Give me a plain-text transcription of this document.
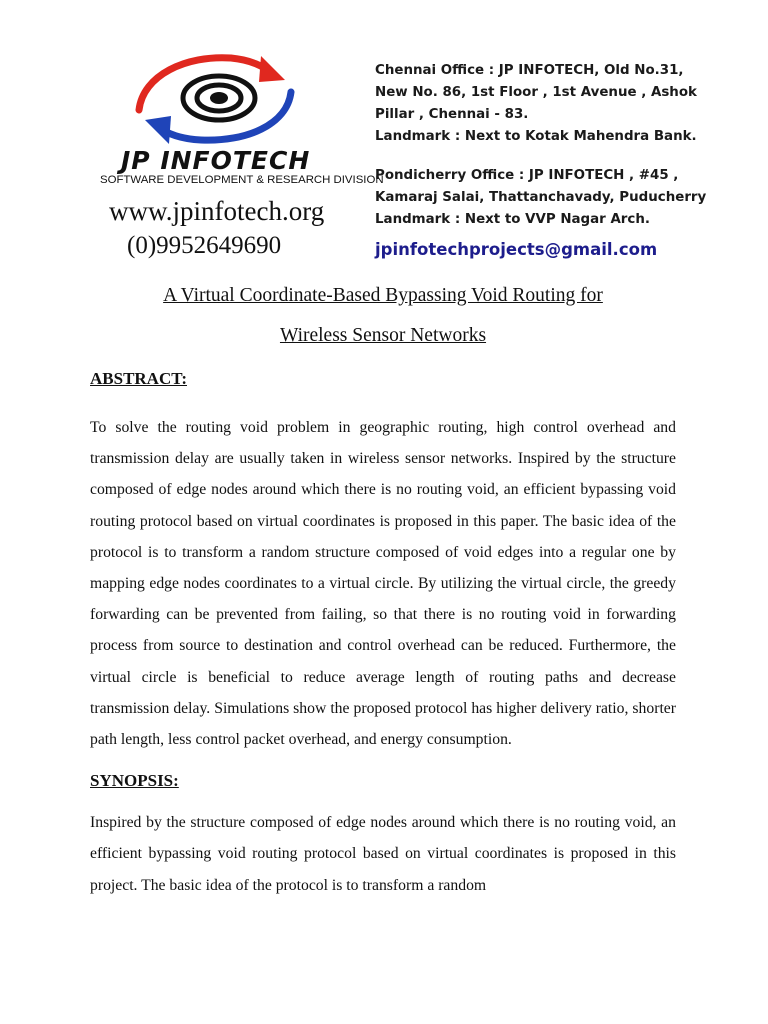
JP INFOTECH
SOFTWARE DEVELOPMENT & RESEARCH DIVISION
www.jpinfotech.org
(0)9952649690
Chennai Office : JP INFOTECH, Old No.31,
New No. 86, 1st Floor , 1st Avenue , Ashok
Pillar , Chennai - 83.
Landmark : Next to Kotak Mahendra Bank.
Pondicherry Office : JP INFOTECH , #45 ,
Kamaraj Salai, Thattanchavady, Puducherry
Landmark : Next to VVP Nagar Arch.
jpinfotechprojects@gmail.com
A Virtual Coordinate-Based Bypassing Void Routing for
Wireless Sensor Networks
ABSTRACT:

To solve the routing void problem in geographic routing, high control overhead and transmission delay are usually taken in wireless sensor networks. Inspired by the structure composed of edge nodes around which there is no routing void, an efficient bypassing void routing protocol based on virtual coordinates is proposed in this paper. The basic idea of the protocol is to transform a random structure composed of void edges into a regular one by mapping edge nodes coordinates to a virtual circle. By utilizing the virtual circle, the greedy forwarding can be prevented from failing, so that there is no routing void in forwarding process from source to destination and control overhead can be reduced. Furthermore, the virtual circle is beneficial to reduce average length of routing paths and decrease transmission delay. Simulations show the proposed protocol has higher delivery ratio, shorter path length, less control packet overhead, and energy consumption.

SYNOPSIS:

Inspired by the structure composed of edge nodes around which there is no routing void, an efficient bypassing void routing protocol based on virtual coordinates is proposed in this project. The basic idea of the protocol is to transform a random
